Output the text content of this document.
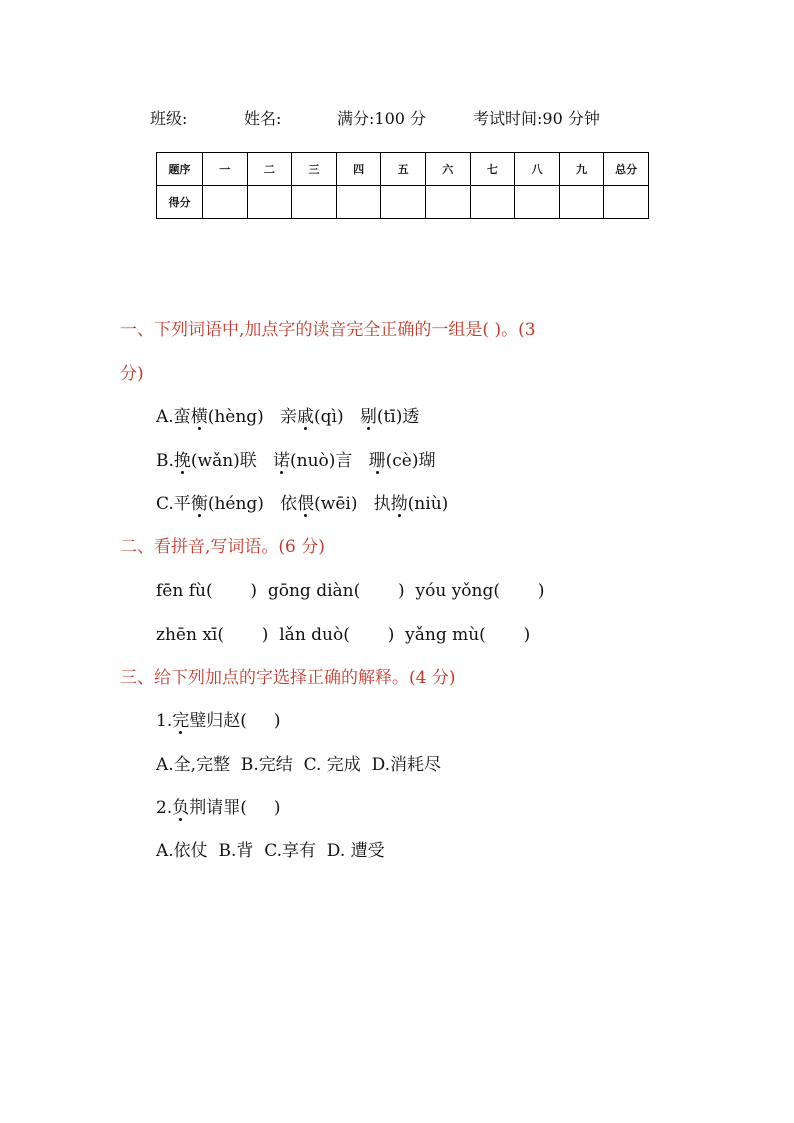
班级:	姓名:	满分:100 分	考试时间:90 分钟
题序	一	二	三	四	五	六	七	八	九	总分
得分										
一、下列词语中,加点字的读音完全正确的一组是( )。(3
分)
A.蛮横(hèng)   亲戚(qì)   剔(tī)透
B.挽(wǎn)联   诺(nuò)言   珊(cè)瑚
C.平衡(héng)   依偎(wēi)   执拗(niù)
二、看拼音,写词语。(6 分)
fēn fù(       )  gōng diàn(       )  yóu yǒng(       )
zhēn xī(       )  lǎn duò(       )  yǎng mù(       )
三、给下列加点的字选择正确的解释。(4 分)
1.完璧归赵(     )
A.全,完整  B.完结  C. 完成  D.消耗尽
2.负荆请罪(     )
A.依仗  B.背  C.享有  D. 遭受
